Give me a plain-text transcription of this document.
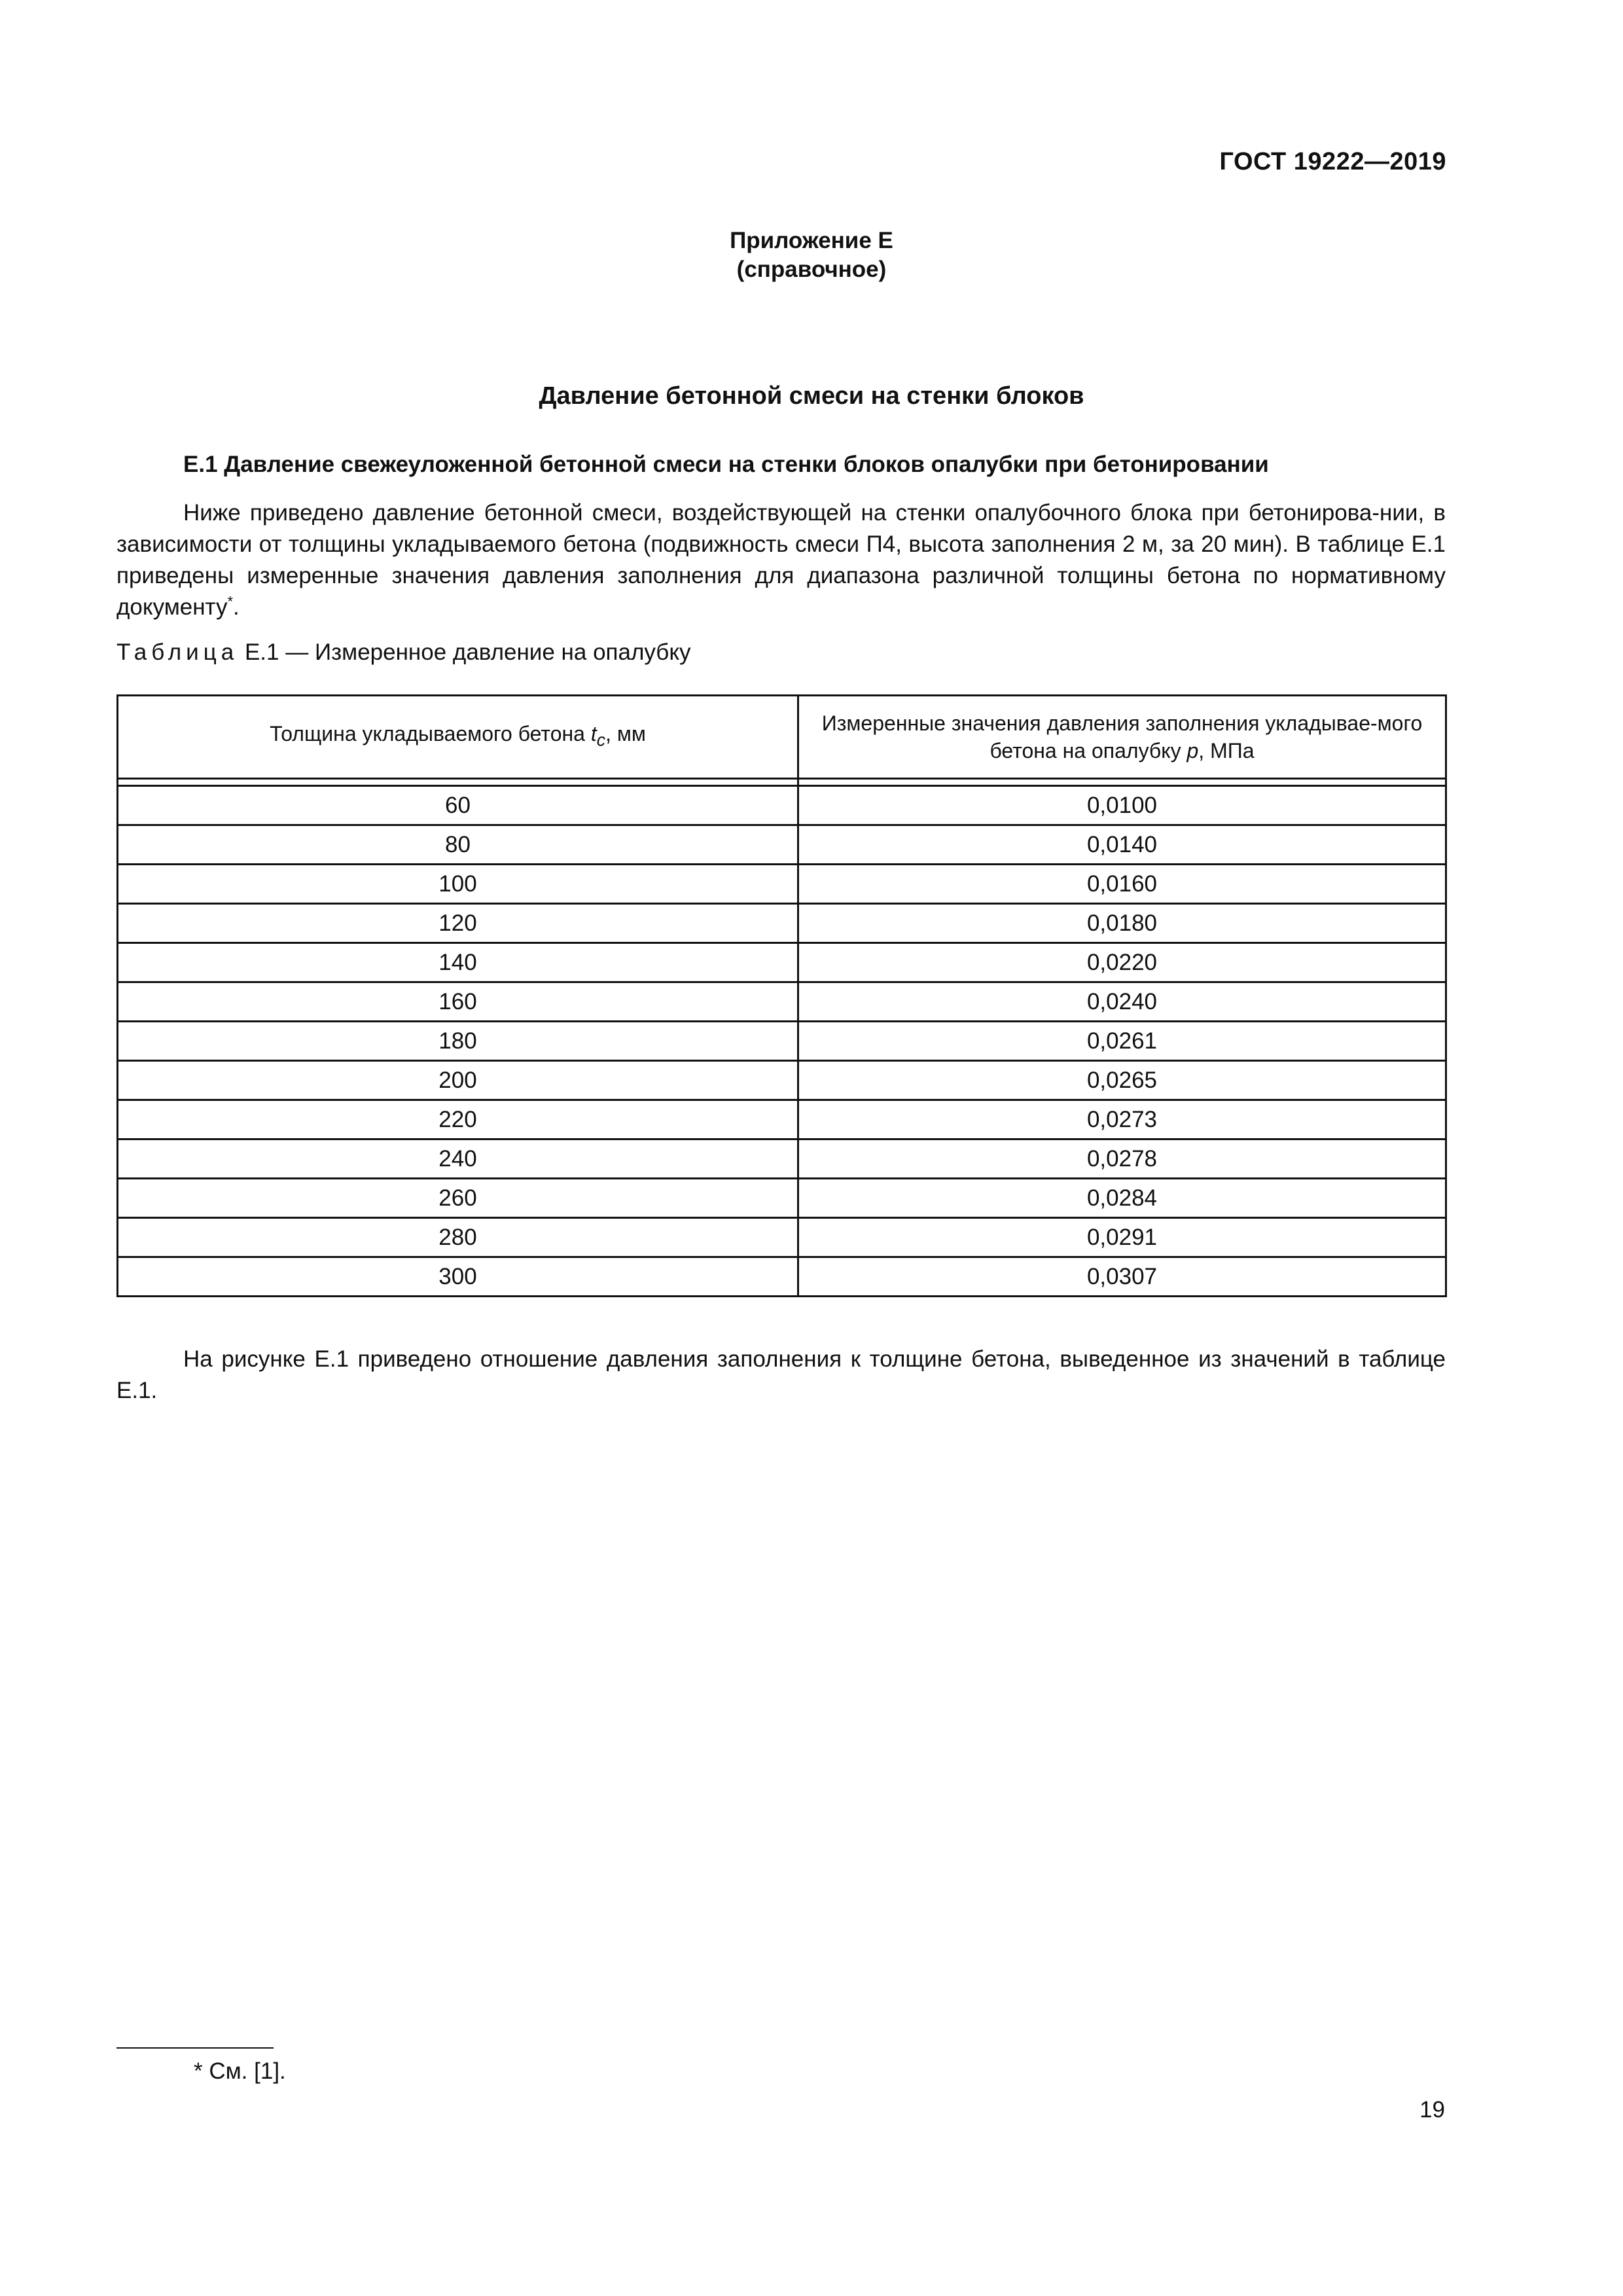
ГОСТ 19222—2019
Приложение Е
(справочное)
Давление бетонной смеси на стенки блоков
Е.1 Давление свежеуложенной бетонной смеси на стенки блоков опалубки при бетонировании
Ниже приведено давление бетонной смеси, воздействующей на стенки опалубочного блока при бетонирова-нии, в зависимости от толщины укладываемого бетона (подвижность смеси П4, высота заполнения 2 м, за 20 мин). В таблице Е.1 приведены измеренные значения давления заполнения для диапазона различной толщины бетона по нормативному документу*.
Таблица Е.1 — Измеренное давление на опалубку
Толщина укладываемого бетона $t_с$, мм	Измеренные значения давления заполнения укладывае-мого бетона на опалубку р, МПа

60	0,0100
80	0,0140
100	0,0160
120	0,0180
140	0,0220
160	0,0240
180	0,0261
200	0,0265
220	0,0273
240	0,0278
260	0,0284
280	0,0291
300	0,0307
На рисунке Е.1 приведено отношение давления заполнения к толщине бетона, выведенное из значений в таблице Е.1.
* См. [1].
19
